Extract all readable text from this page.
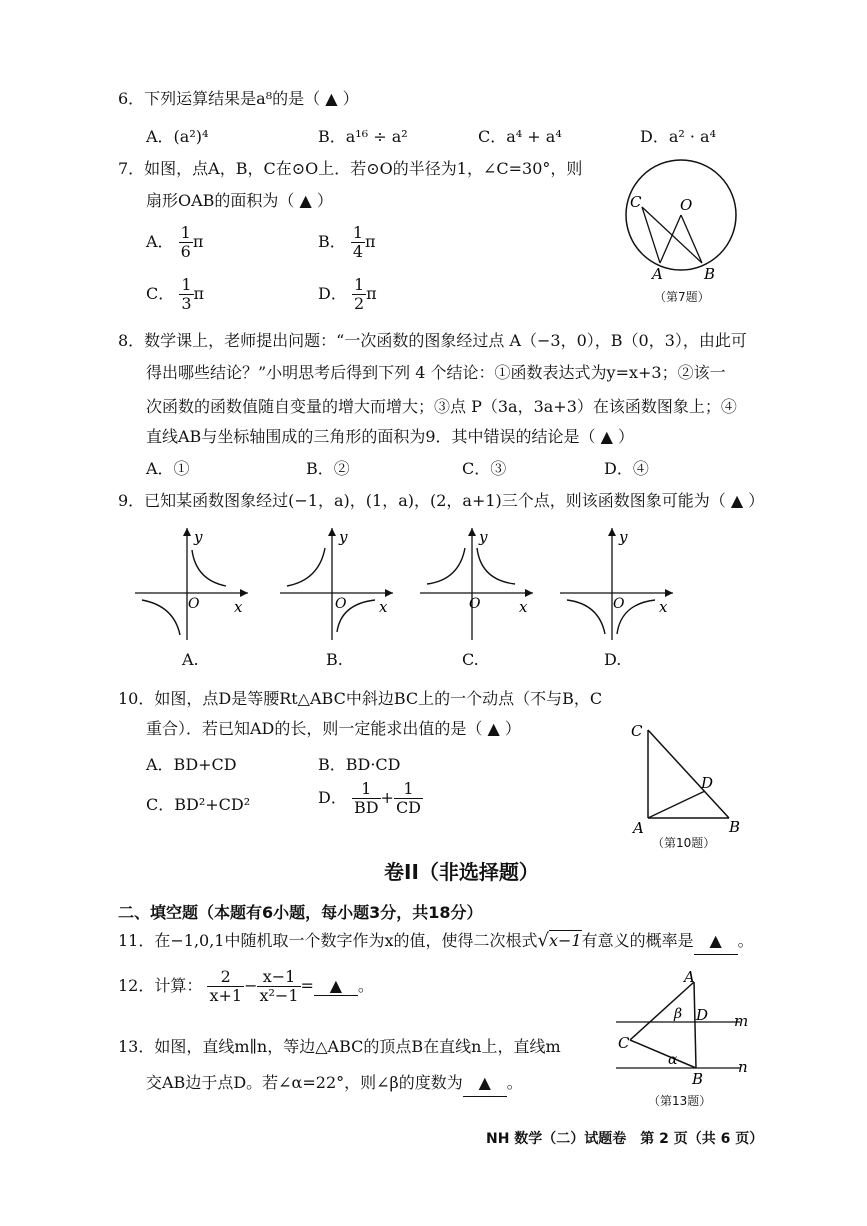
6．下列运算结果是a⁸的是（ ▲ ）
A．(a²)⁴	B．a¹⁶ ÷ a²	C．a⁴ + a⁴	D．a² · a⁴
7．如图，点A，B，C在⊙O上．若⊙O的半径为1，∠C=30°，则
扇形OAB的面积为（ ▲ ）
A． $\frac{1}{6}$ π	B． $\frac{1}{4}$ π
C． $\frac{1}{3}$ π	D． $\frac{1}{2}$ π
C	O
A	B
（第7题）
8．数学课上，老师提出问题：“一次函数的图象经过点 A（−3，0），B（0，3），由此可
得出哪些结论？”小明思考后得到下列 4 个结论：①函数表达式为y=x+3；②该一
次函数的函数值随自变量的增大而增大；③点 P（3a，3a+3）在该函数图象上；④
直线AB与坐标轴围成的三角形的面积为9．其中错误的结论是（ ▲ ）
A．①	B．②	C．③	D．④
9．已知某函数图象经过(−1，a)，(1，a)，(2，a+1)三个点，则该函数图象可能为（ ▲ ）
y
x
O
y
x
O
y
x
O
y
x
O
A.	B.	C.	D.
10．如图，点D是等腰Rt△ABC中斜边BC上的一个动点（不与B，C
重合）．若已知AD的长，则一定能求出值的是（ ▲ ）
A．BD+CD	B．BD·CD
C．BD²+CD²	D． $\frac{1}{BD} + \frac{1}{CD}$
C
D
A	B
（第10题）
卷II（非选择题）
二、填空题（本题有6小题，每小题3分，共18分）
11．在−1,0,1中随机取一个数字作为x的值，使得二次根式√x−1有意义的概率是 ▲ 。
12．计算： $\frac{2}{x+1} - \frac{x-1}{\text{x²−1}}$ = ▲ 。
13．如图，直线m∥n，等边△ABC的顶点B在直线n上，直线m
交AB边于点D。若∠α=22°，则∠β的度数为 ▲ 。
A
β D m
C
α	n
B
（第13题）
NH 数学（二）试题卷　第 2 页（共 6 页）
